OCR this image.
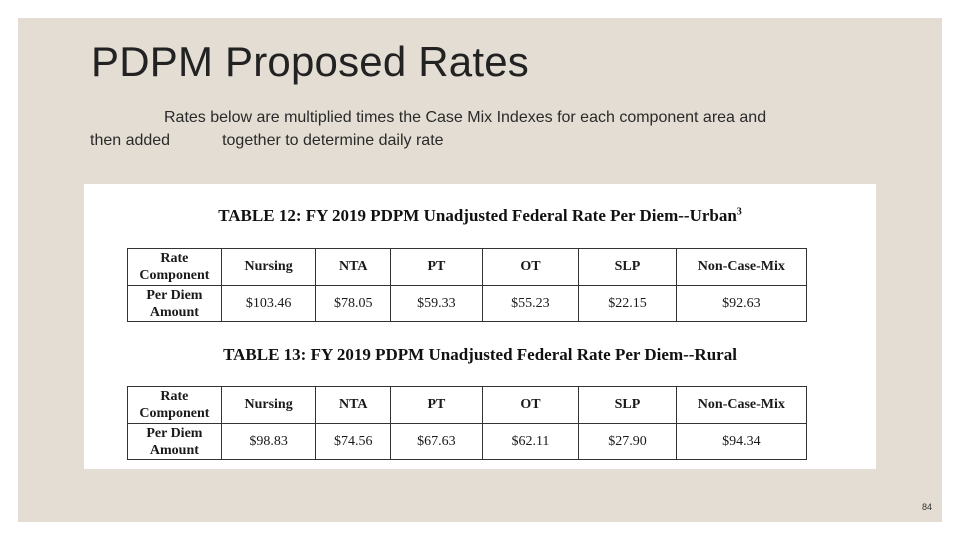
PDPM Proposed Rates
Rates below are multiplied times the Case Mix Indexes for each component area and
then added	together to determine daily rate
TABLE 12: FY 2019 PDPM Unadjusted Federal Rate Per Diem--Urban$^3$
Rate Component	Nursing	NTA	PT	OT	SLP	Non-Case-Mix
Per Diem Amount	$103.46	$78.05	$59.33	$55.23	$22.15	$92.63
TABLE 13: FY 2019 PDPM Unadjusted Federal Rate Per Diem--Rural
Rate Component	Nursing	NTA	PT	OT	SLP	Non-Case-Mix
Per Diem Amount	$98.83	$74.56	$67.63	$62.11	$27.90	$94.34
84
